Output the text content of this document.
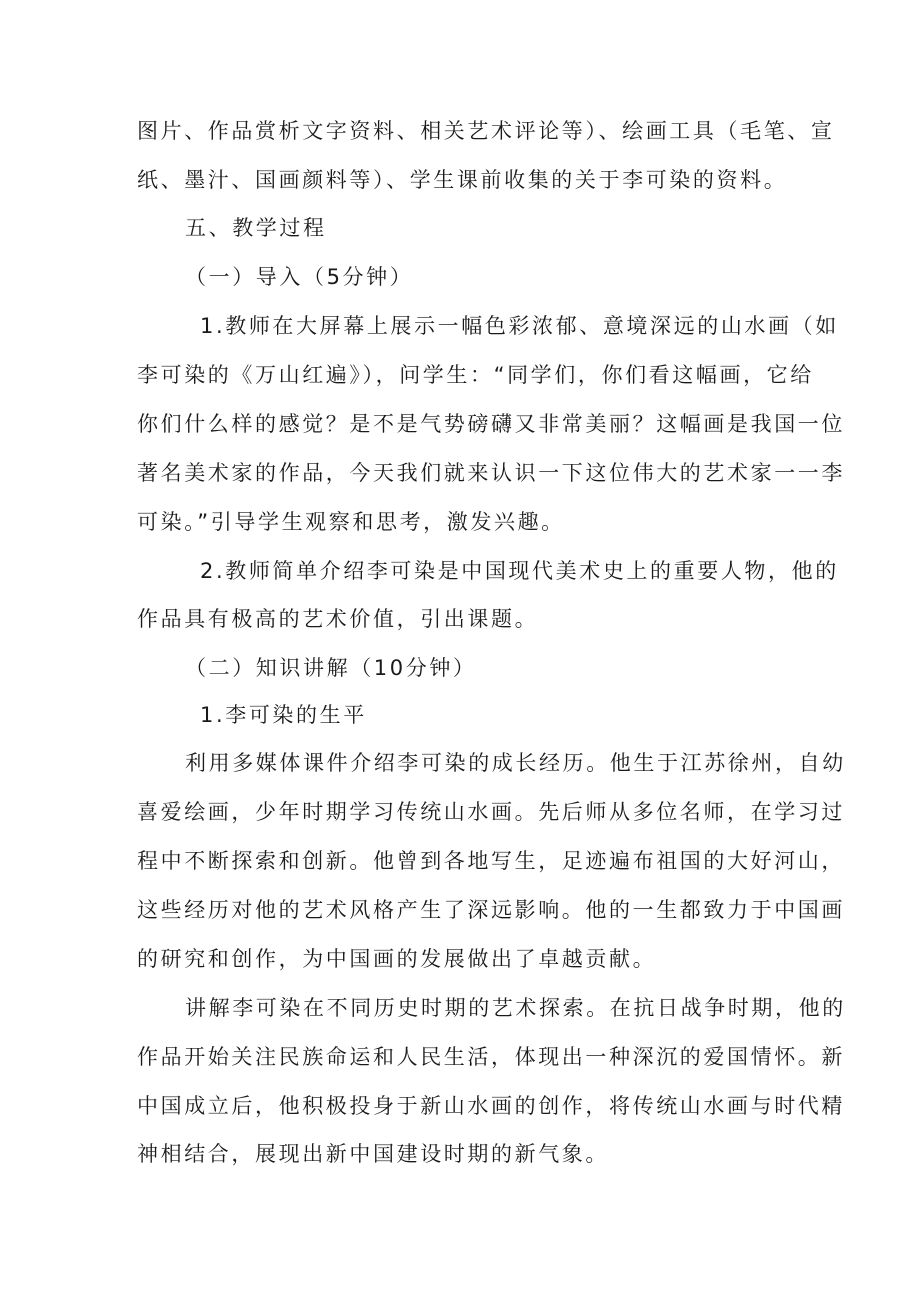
图片、作品赏析文字资料、相关艺术评论等）、绘画工具（毛笔、宣
纸、墨汁、国画颜料等）、学生课前收集的关于李可染的资料。
五、教学过程
（一）导入（5分钟）
1.教师在大屏幕上展示一幅色彩浓郁、意境深远的山水画（如
李可染的《万山红遍》），问学生：“同学们，你们看这幅画，它给
你们什么样的感觉？是不是气势磅礴又非常美丽？这幅画是我国一位
著名美术家的作品，今天我们就来认识一下这位伟大的艺术家一一李
可染。”引导学生观察和思考，激发兴趣。
2.教师简单介绍李可染是中国现代美术史上的重要人物，他的
作品具有极高的艺术价值，引出课题。
（二）知识讲解（10分钟）
1.李可染的生平
利用多媒体课件介绍李可染的成长经历。他生于江苏徐州，自幼
喜爱绘画，少年时期学习传统山水画。先后师从多位名师，在学习过
程中不断探索和创新。他曾到各地写生，足迹遍布祖国的大好河山，
这些经历对他的艺术风格产生了深远影响。他的一生都致力于中国画
的研究和创作，为中国画的发展做出了卓越贡献。
讲解李可染在不同历史时期的艺术探索。在抗日战争时期，他的
作品开始关注民族命运和人民生活，体现出一种深沉的爱国情怀。新
中国成立后，他积极投身于新山水画的创作，将传统山水画与时代精
神相结合，展现出新中国建设时期的新气象。
